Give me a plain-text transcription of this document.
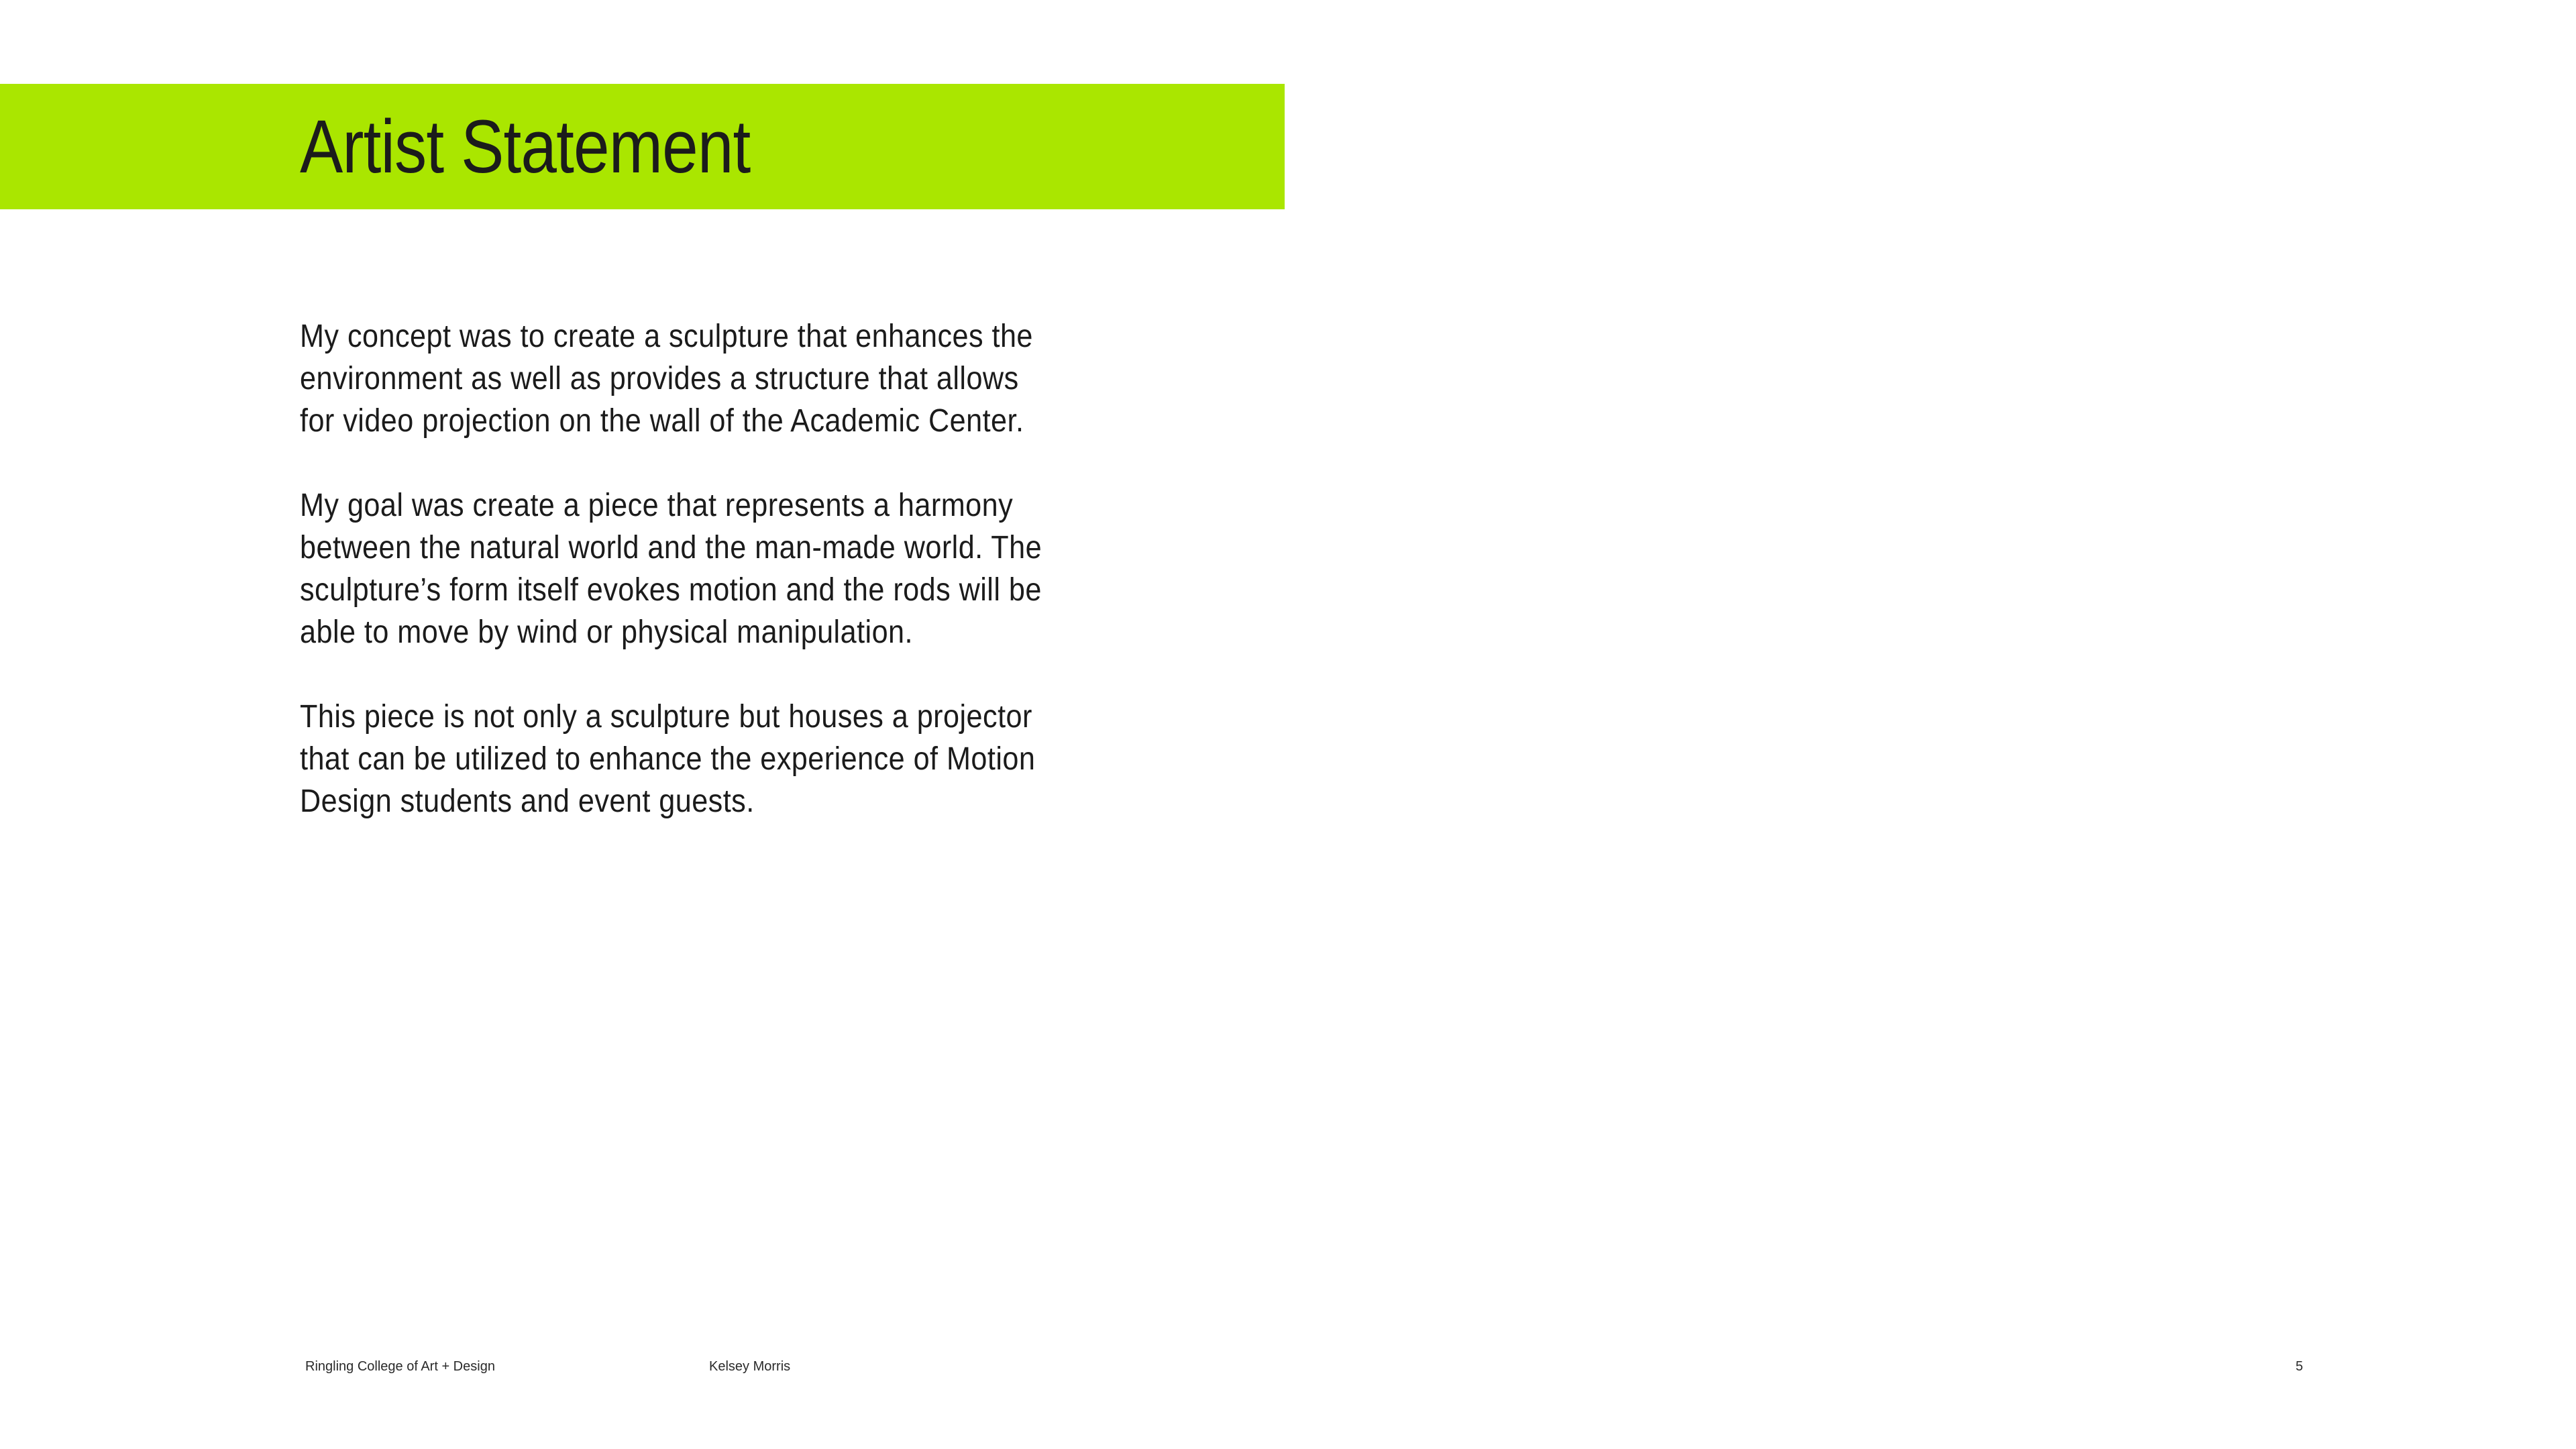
Artist Statement

My concept was to create a sculpture that enhances the
environment as well as provides a structure that allows
for video projection on the wall of the Academic Center.

My goal was create a piece that represents a harmony
between the natural world and the man-made world. The
sculpture’s form itself evokes motion and the rods will be
able to move by wind or physical manipulation.

This piece is not only a sculpture but houses a projector
that can be utilized to enhance the experience of Motion
Design students and event guests.

Ringling College of Art + Design	Kelsey Morris	5
